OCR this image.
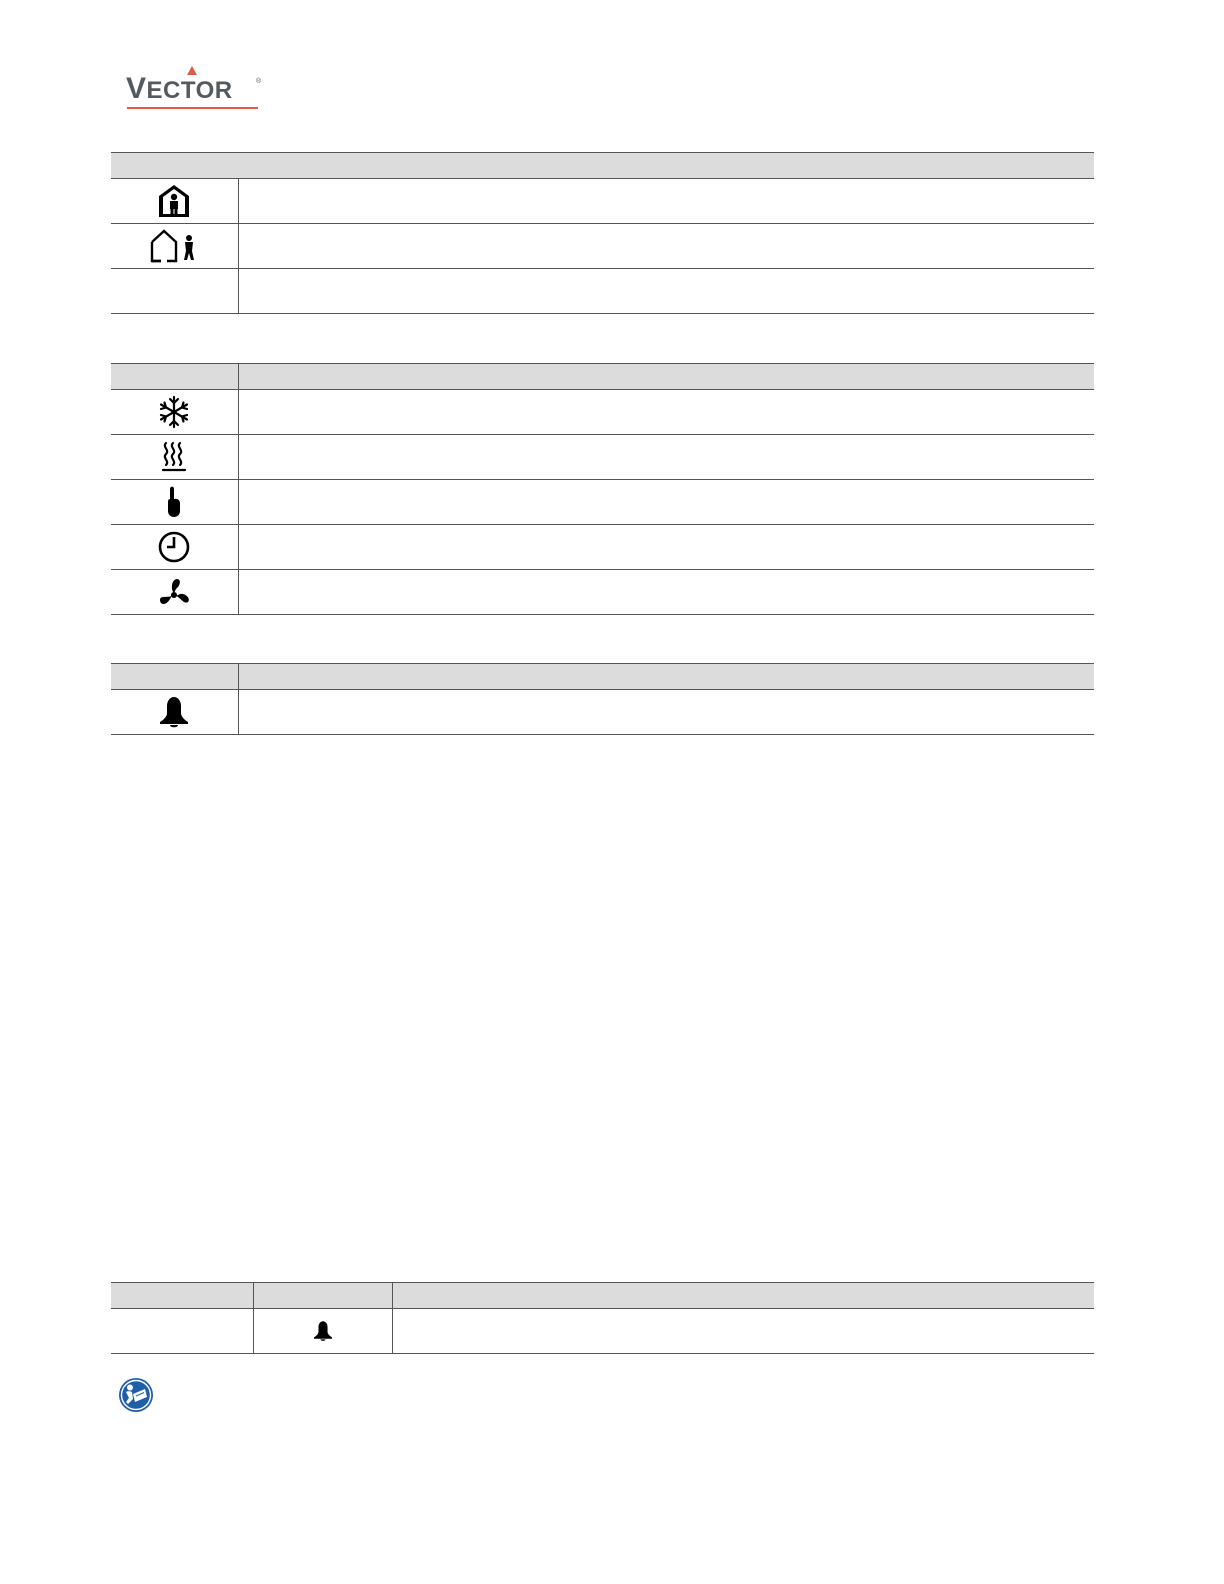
VECTOR	®
